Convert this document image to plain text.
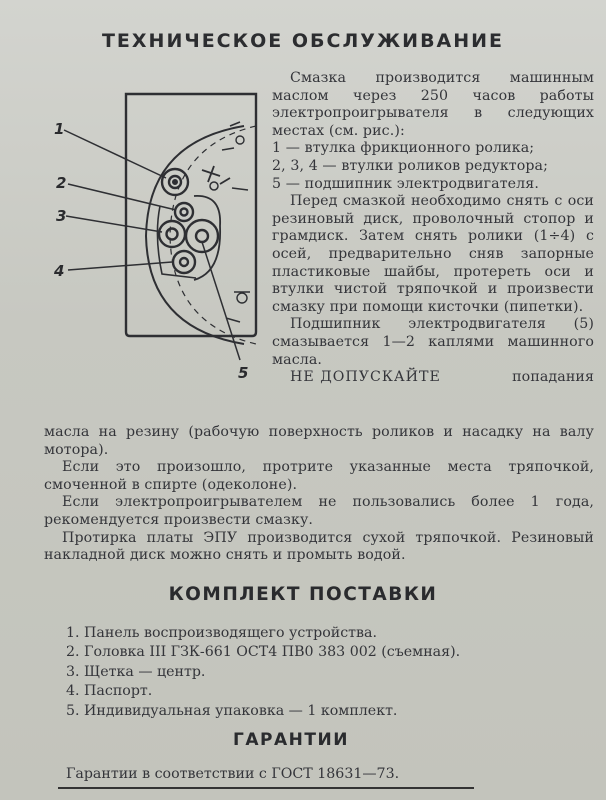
ТЕХНИЧЕСКОЕ ОБСЛУЖИВАНИЕ
1
2
3
4
5
Смазка производится машинным маслом через 250 часов работы электропроигрывателя в следующих местах (см. рис.):
1 — втулка фрикционного ролика;
2, 3, 4 — втулки роликов редуктора;
5 — подшипник электродвигателя.
Перед смазкой необходимо снять с оси резиновый диск, проволочный стопор и грамдиск. Затем снять ролики (1÷4) с осей, предварительно сняв запорные пластиковые шайбы, протереть оси и втулки чистой тряпочкой и произвести смазку при помощи кисточки (пипетки).
Подшипник электродвигателя (5) смазывается 1—2 каплями машинного масла.
НЕ ДОПУСКАЙТЕ	попадания
масла на резину (рабочую поверхность роликов и насадку на валу мотора).
Если это произошло, протрите указанные места тряпочкой, смоченной в спирте (одеколоне).
Если электропроигрывателем не пользовались более 1 года, рекомендуется произвести смазку.
Протирка платы ЭПУ производится сухой тряпочкой. Резиновый накладной диск можно снять и промыть водой.
КОМПЛЕКТ ПОСТАВКИ
1. Панель воспроизводящего устройства.
2. Головка III ГЗК-661 ОСТ4 ПВ0 383 002 (съемная).
3. Щетка — центр.
4. Паспорт.
5. Индивидуальная упаковка — 1 комплект.
ГАРАНТИИ
Гарантии в соответствии с ГОСТ 18631—73.
